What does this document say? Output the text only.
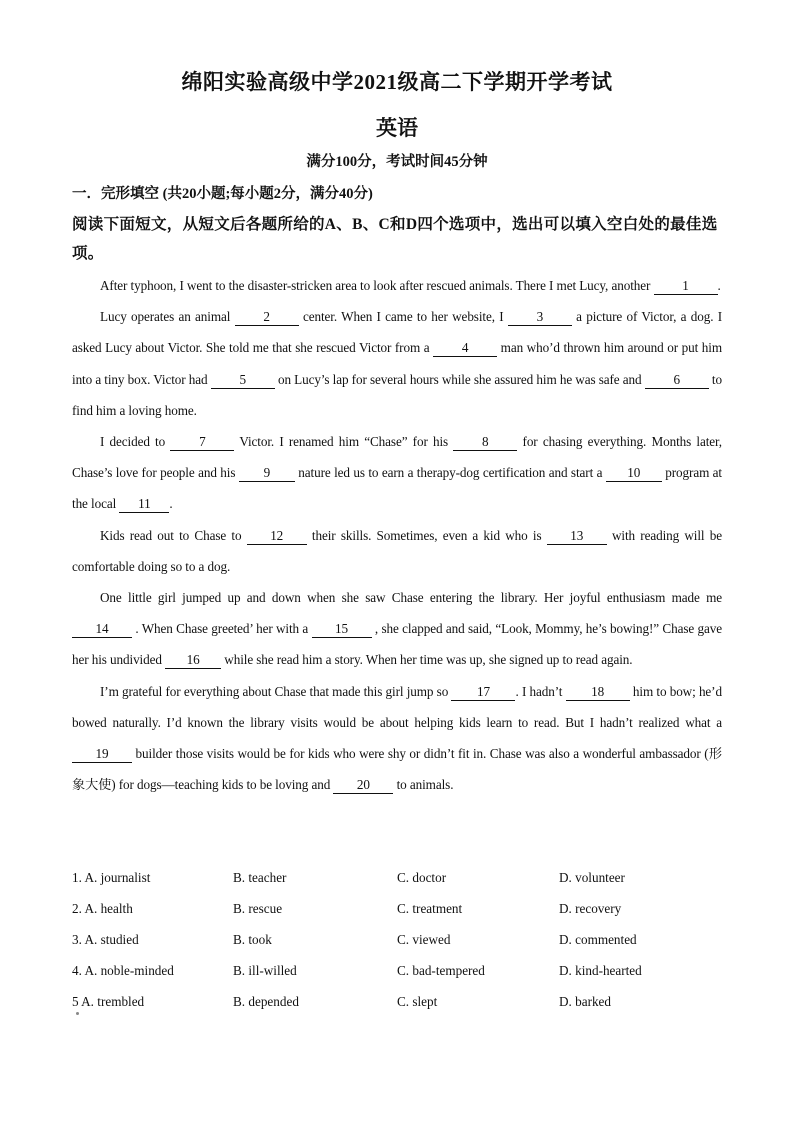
绵阳实验高级中学2021级高二下学期开学考试
英语
满分100分，考试时间45分钟
一．完形填空 (共20小题;每小题2分，满分40分)
阅读下面短文，从短文后各题所给的A、B、C和D四个选项中，选出可以填入空白处的最佳选项。

After typhoon, I went to the disaster-stricken area to look after rescued animals. There I met Lucy, another 1 .

Lucy operates an animal 2 center. When I came to her website, I 3 a picture of Victor, a dog. I asked Lucy about Victor. She told me that she rescued Victor from a 4 man who’d thrown him around or put him into a tiny box. Victor had 5 on Lucy’s lap for several hours while she assured him he was safe and 6 to find him a loving home.

I decided to 7 Victor. I renamed him “Chase” for his 8 for chasing everything. Months later, Chase’s love for people and his 9 nature led us to earn a therapy-dog certification and start a 10 program at the local 11 .

Kids read out to Chase to 12 their skills. Sometimes, even a kid who is 13 with reading will be comfortable doing so to a dog.

One little girl jumped up and down when she saw Chase entering the library. Her joyful enthusiasm made me 14 . When Chase greeted’ her with a 15 , she clapped and said, “Look, Mommy, he’s bowing!” Chase gave her his undivided 16 while she read him a story. When her time was up, she signed up to read again.

I’m grateful for everything about Chase that made this girl jump so 17 . I hadn’t 18 him to bow; he’d bowed naturally. I’d known the library visits would be about helping kids learn to read. But I hadn’t realized what a 19 builder those visits would be for kids who were shy or didn’t fit in. Chase was also a wonderful ambassador (形象大使) for dogs—teaching kids to be loving and 20 to animals.

1. A. journalist	B. teacher	C. doctor	D. volunteer
2. A. health	B. rescue	C. treatment	D. recovery
3. A. studied	B. took	C. viewed	D. commented
4. A. noble-minded	B. ill-willed	C. bad-tempered	D. kind-hearted
5 A. trembled	B. depended	C. slept	D. barked
